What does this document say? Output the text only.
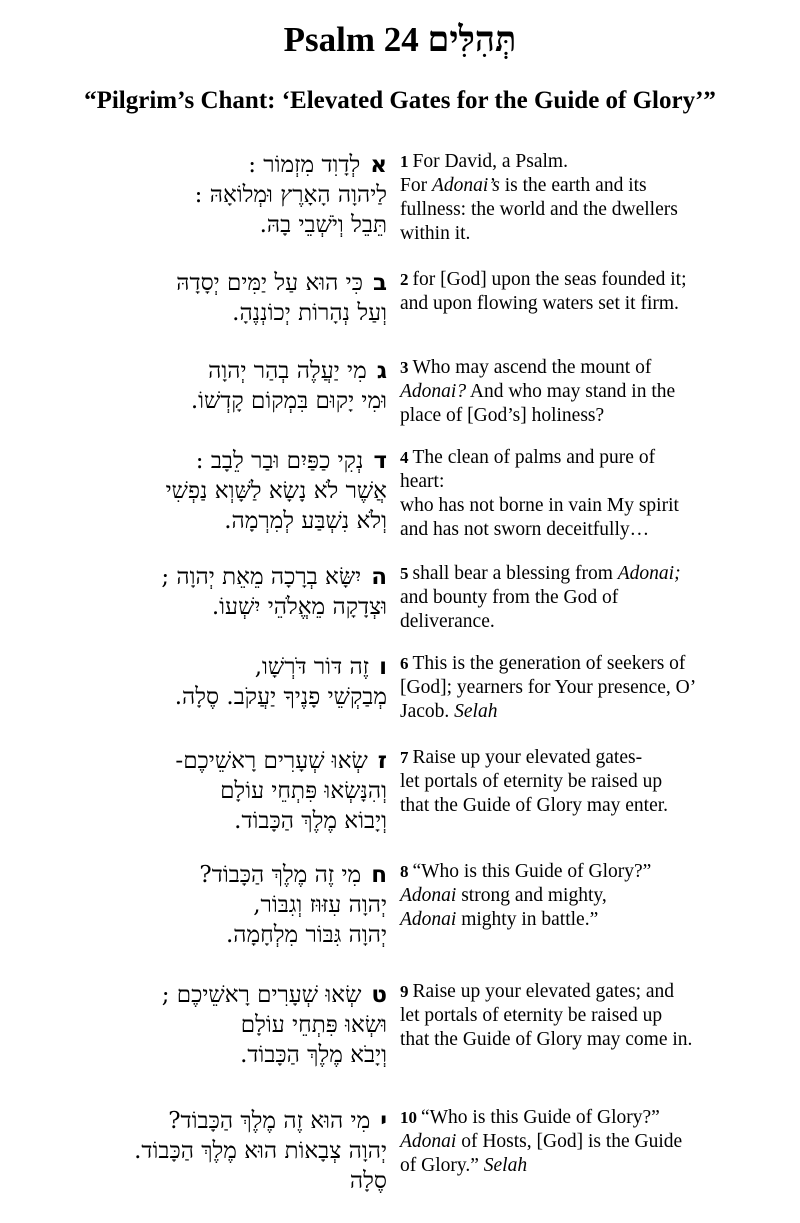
Psalm 24 תְּהִלִּים
“Pilgrim’s Chant: ‘Elevated Gates for the Guide of Glory’”
אלְדָוִד מִזְמוֹר :
לַיהוָה הָאָרֶץ וּמְלוֹאָהּ :
תֵּבֵל וְיֹשְׁבֵי בָהּ.
1 For David, a Psalm.
For Adonai’s is the earth and its
fullness: the world and the dwellers
within it.
בכִּי הוּא עַל יַמִּים יְסָדָהּ
וְעַל נְהָרוֹת יְכוֹנְנֶהָ.
2 for [God] upon the seas founded it;
and upon flowing waters set it firm.
גמִי יַעֲלֶה בְהַר יְהוָה
וּמִי יָקוּם בִּמְקוֹם קָדְשׁוֹ.
3 Who may ascend the mount of
Adonai? And who may stand in the
place of [God’s] holiness?
דנְקִי כַפַּיִם וּבַר לֵבָב :
אֲשֶׁר לֹא נָשָׂא לַשָּׁוְא נַפְשִׁי
וְלֹא נִשְׁבַּע לְמִרְמָה.
4 The clean of palms and pure of
heart:
who has not borne in vain My spirit
and has not sworn deceitfully…
היִשָּׂא בְרָכָה מֵאֵת יְהוָה ;
וּצְדָקָה מֵאֱלֹהֵי יִשְׁעוֹ.
5 shall bear a blessing from Adonai;
and bounty from the God of
deliverance.
וזֶה דּוֹר דֹּרְשָׁו,
מְבַקְשֵׁי פָנֶיךָ יַעֲקֹב. סֶלָה.
6 This is the generation of seekers of
[God]; yearners for Your presence, O’
Jacob. Selah
זשְׂאוּ שְׁעָרִים רָאשֵׁיכֶם-
וְהִנָּשְׂאוּ פִּתְחֵי עוֹלָם
וְיָבוֹא מֶלֶךְ הַכָּבוֹד.
7 Raise up your elevated gates-
let portals of eternity be raised up
that the Guide of Glory may enter.
חמִי זֶה מֶלֶךְ הַכָּבוֹד?
יְהוָה עִזּוּז וְגִבּוֹר,
יְהוָה גִּבּוֹר מִלְחָמָה.
8 “Who is this Guide of Glory?”
Adonai strong and mighty,
Adonai mighty in battle.”
טשְׂאוּ שְׁעָרִים רָאשֵׁיכֶם ;
וּשְׂאוּ פִּתְחֵי עוֹלָם
וְיָבֹא מֶלֶךְ הַכָּבוֹד.
9 Raise up your elevated gates; and
let portals of eternity be raised up
that the Guide of Glory may come in.
ימִי הוּא זֶה מֶלֶךְ הַכָּבוֹד?
יְהוָה צְבָאוֹת הוּא מֶלֶךְ הַכָּבוֹד.
סֶלָה
10 “Who is this Guide of Glory?”
Adonai of Hosts, [God] is the Guide
of Glory.” Selah
